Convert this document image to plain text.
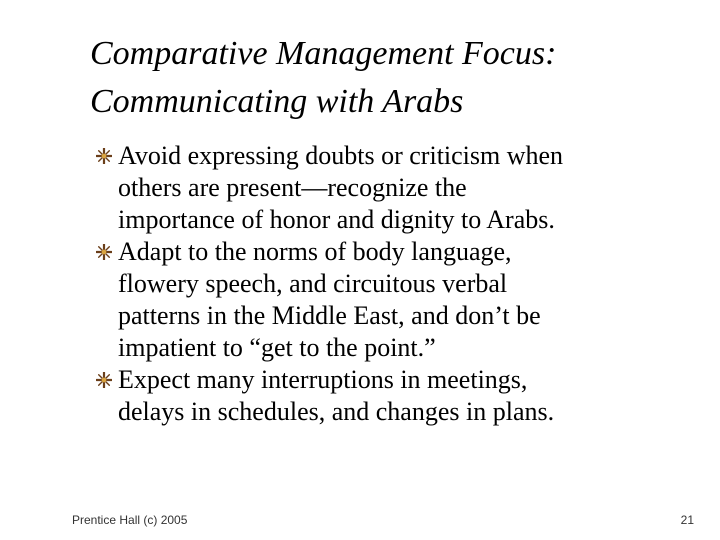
Comparative Management Focus:
Communicating with Arabs
Avoid expressing doubts or criticism when
others are present—recognize the
importance of honor and dignity to Arabs.
Adapt to the norms of body language,
flowery speech, and circuitous verbal
patterns in the Middle East, and don’t be
impatient to “get to the point.”
Expect many interruptions in meetings,
delays in schedules, and changes in plans.
Prentice Hall (c) 2005	21
